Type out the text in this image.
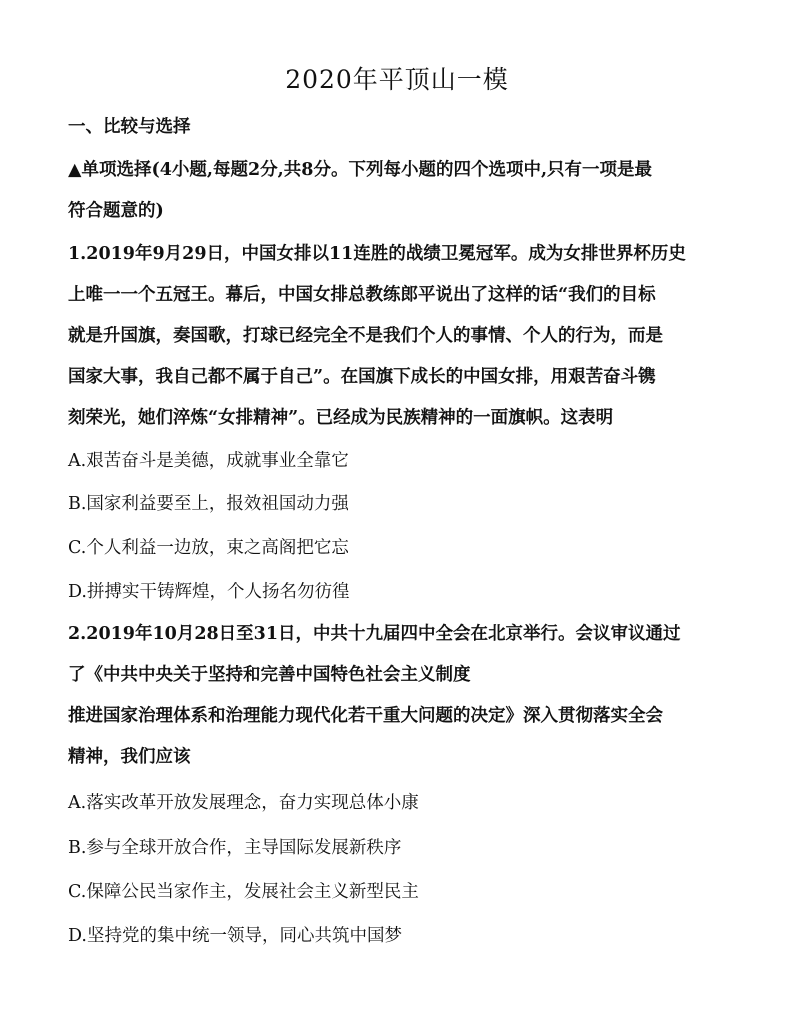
2020年平顶山一模

一、比较与选择

▲单项选择(4小题,每题2分,共8分。下列每小题的四个选项中,只有一项是最

符合题意的)

1.2019年9月29日，中国女排以11连胜的战绩卫冕冠军。成为女排世界杯历史

上唯一一个五冠王。幕后，中国女排总教练郎平说出了这样的话“我们的目标

就是升国旗，奏国歌，打球已经完全不是我们个人的事情、个人的行为，而是

国家大事，我自己都不属于自己”。在国旗下成长的中国女排，用艰苦奋斗镌

刻荣光，她们淬炼“女排精神”。已经成为民族精神的一面旗帜。这表明

A.艰苦奋斗是美德，成就事业全靠它

B.国家利益要至上，报效祖国动力强

C.个人利益一边放，束之高阁把它忘

D.拼搏实干铸辉煌，个人扬名勿彷徨

2.2019年10月28日至31日，中共十九届四中全会在北京举行。会议审议通过

了《中共中央关于坚持和完善中国特色社会主义制度

推进国家治理体系和治理能力现代化若干重大问题的决定》深入贯彻落实全会

精神，我们应该

A.落实改革开放发展理念，奋力实现总体小康

B.参与全球开放合作，主导国际发展新秩序

C.保障公民当家作主，发展社会主义新型民主

D.坚持党的集中统一领导，同心共筑中国梦
